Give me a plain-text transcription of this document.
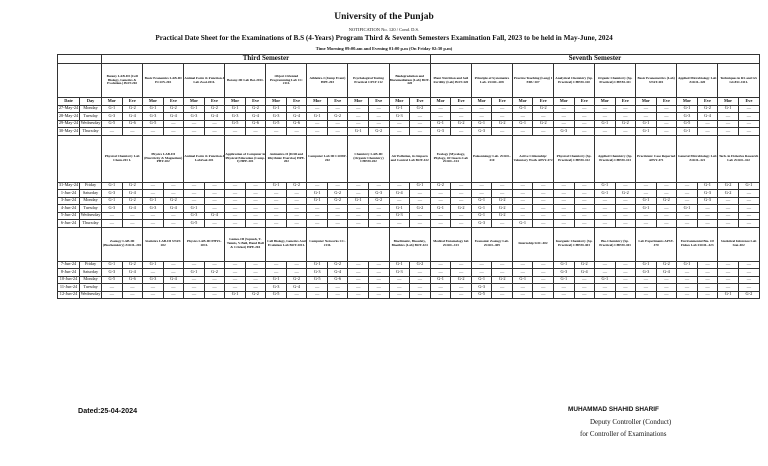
University of the Punjab
NOTIFICATION No. 120 / Cond. D.S.
Practical Date Sheet for the Examinations of B.S (4-Years) Program Third & Seventh Semesters Examination Fall, 2023 to be held in May-June, 2024
Time Morning 09:00.am and Evening 01:00 p.m (On Friday 02:30 p.m)
		Third Semester																Seventh Semester															
		Botany LAB-III (Cell Biology, Genetics & Evolution.) BOT-202		Basic Economics LAB-III ECON-202		Animal Form & Function-I Lab Zool-201L		Botany-III Lab Bot-201L		Object Oriented Programming Lab CC 211L		Athletics-I (Jump Event) HPE-203		Psychological Testing Practical CPSY 212		Biodegradation and Bioremediation (Lab) BOT-420		Plant Nutrition and Soil Fertility (Lab) BOT-420		Principle of Systematics Lab. ZOOL-208		Practice Teaching (Long) I EDU 207		Analytical Chemistry (Sp. Practical) CHEM-410		Organic Chemistry (Sp. Practical) CHEM-411		Basic Econometrics (Lab) STAT-401		Applied Microbiology Lab ZOOL-420		Techniques in RS and GS GGEO-411L	
Date	Day	Mor	Eve	Mor	Eve	Mor	Eve	Mor	Eve	Mor	Eve	Mor	Eve	Mor	Eve	Mor	Eve	Mor	Eve	Mor	Eve	Mor	Eve	Mor	Eve	Mor	Eve	Mor	Eve	Mor	Eve	Mor	Eve
27-May-24	Monday	G-1	G-2	G-1	G-2	G-1	G-2	G-1	G-2	G-1	G-1	—	—	—	—	G-1	G-2	—	—	—	—	G-1	G-2	—	—	—	—	—	—	G-1	G-2	G-1	—
28-May-24	Tuesday	G-3	G-4	G-3	G-4	G-3	G-4	G-3	G-4	G-3	G-4	G-1	G-2	—	—	G-3	—	—	—	—	—	—	—	—	—	—	—	—	—	G-3	G-4	—	—
29-May-24	Wednesday	G-5	G-6	G-5	—	—	—	G-5	G-6	G-5	G-6	—	—	—	—	—	—	G-1	G-2	G-1	G-2	G-1	G-2	—	—	G-1	G-2	G-1	—	G-5	—	—	—
30-May-24	Thursday	—	—	—	—	—	—	—	—	—	—	—	—	G-1	G-2	—	—	G-3	—	G-3	—	—	—	G-3	—	—	—	G-1	—	G-1	—	—	—
		Physical Chemistry Lab Chem-201 L		Physics LAB-III (Electricity & Magnetism) PHY-202		Animal Form & Function-I LabZool-201		Application of Computer in Physical Education (Comp-I) HPE-201		Animatics-II (Drill and Rhythmic Exercise) HPE-202		Computer Lab III COMP-202		Chemistry LAB-III (Organic Chemistry) CHEM-202		Air Pollution, its Impacts and Control Lab BOT-422		Ecology (Mycology, Phylogy, Of Insects Lab ZOOL-414		Paleontology Lab. ZOOL-410		Active Citizenship/ Voluntary Work APSY-472		Physical Chemistry (Sp. Practical) CHEM-412		Applied Chemistry (Sp. Practical) CHEM-413		Practicum/ Case Reported APSY-471		General Microbiology Lab ZOOL-421		Tech. in Fisheries Research Lab ZOOL-422	
31-May-24	Friday	G-1	G-2	—	—	—	—	—	—	G-1	G-2	—	—	—	—	—	G-1	G-2	—	—	—	—	—	—	—	G-1	—	—	—	—	G-1	G-2	G-1
1-Jun-24	Saturday	G-3	G-4	—	—	—	—	—	—	—	—	G-1	G-2	—	G-3	G-4	—	—	—	—	—	—	—	—	—	G-1	G-2	—	—	—	G-3	G-2	—
3-Jun-24	Monday	G-1	G-2	G-1	G-2	—	—	—	—	—	—	G-1	G-2	G-1	G-2	—	—	—	—	G-1	G-2	—	—	—	—	—	—	G-1	G-2	—	G-3	—	—
4-Jun-24	Tuesday	G-3	G-4	G-3	G-4	G-1	—	—	—	—	—	—	—	—	—	G-1	G-2	G-1	G-2	G-1	G-2	—	—	—	—	—	—	G-1	—	G-1	—	—	—
5-Jun-24	Wednesday	—	—	—	—	G-3	G-4	—	—	—	—	—	—	—	—	G-3	—	—	—	G-1	G-2	—	—	—	—	—	—	—	—	—	—	—	—
6-Jun-24	Thursday	—	—	—	—	G-5	—	—	—	—	—	—	—	—	—	—	—	—	—	G-3	—	G-1	—	—	—	—	—	—	—	—	—	—	—
		Zoology LAB-III (Biochemistry) ZOOL-202		Statistics LAB-III STAT-202		Physics LAB-III PHYS-201L		Games-III (Squash, T-Tennis, V-Ball, Hand Ball & Cricket) HPE-204		Cell Biology, Genetics And Evolution Lab BOT-201L		Computer Networks CC-213L				Bioclimatic, Biosafety, Bioethics (Lab) BOT-424		Medical Entomology lab ZOOL-413		Economic Zoology Lab. ZOOL-409		Internship SOC-402		Inorganic Chemistry (Sp. Practical) CHEM-403		Bio-Chemistry (Sp. Practical) CHEM-401		Lab Experiments APSY-470		Environmental Bio. Of Fishes Lab ZOOL-423		Statistical Inference Lab Stat-402	
7-Jun-24	Friday	G-1	G-2	G-1	—	—	—	—	—	—	—	G-1	G-2	—	—	G-1	G-2	—	—	—	—	—	—	G-1	G-2	—	—	G-1	G-2	G-1	—	—	—
8-Jun-24	Saturday	G-3	G-4	—	—	G-1	G-2	—	—	—	—	G-3	G-4	—	—	G-3	—	—	—	—	—	—	—	G-3	G-4	—	—	G-3	G-4	—	—	—	—
10-Jun-24	Monday	G-5	G-6	G-3	G-4	—	—	—	—	G-1	G-2	G-5	G-6	—	—	—	—	G-1	G-2	G-1	G-2	G-1	—	G-1	—	G-1	—	—	—	—	—	—	—
11-Jun-24	Tuesday	—	—	—	—	—	—	—	—	G-3	G-4	—	—	—	—	—	—	—	—	G-3	—	—	—	—	—	—	—	—	—	—	—	—	—
12-Jun-24	Wednesday	—	—	—	—	—	—	G-1	G-2	G-5	—	—	—	—	—	—	—	—	—	G-5	—	—	—	—	—	—	—	—	—	—	—	G-1	G-2
Dated:25-04-2024	MUHAMMAD SHAHID SHARIF
Deputy Controller (Conduct)
for Controller of Examinations
